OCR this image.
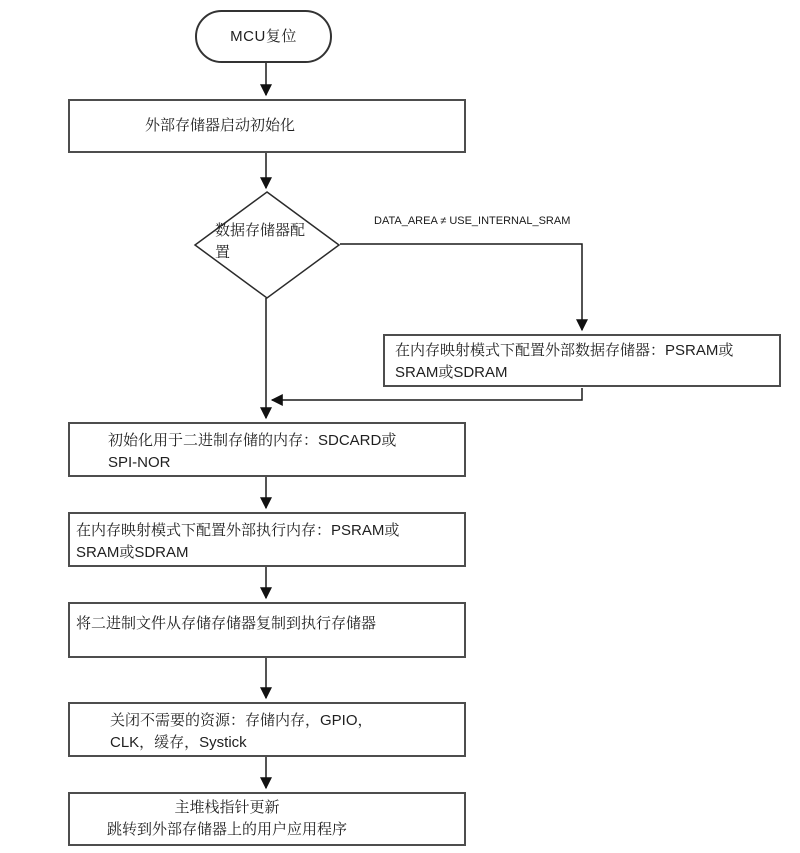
MCU复位
外部存储器启动初始化
数据存储器配
置
DATA_AREA ≠ USE_INTERNAL_SRAM
在内存映射模式下配置外部数据存储器：PSRAM或
SRAM或SDRAM
初始化用于二进制存储的内存：SDCARD或
SPI-NOR
在内存映射模式下配置外部执行内存：PSRAM或
SRAM或SDRAM
将二进制文件从存储存储器复制到执行存储器
关闭不需要的资源：存储内存，GPIO，
CLK，缓存，Systick
主堆栈指针更新
跳转到外部存储器上的用户应用程序
